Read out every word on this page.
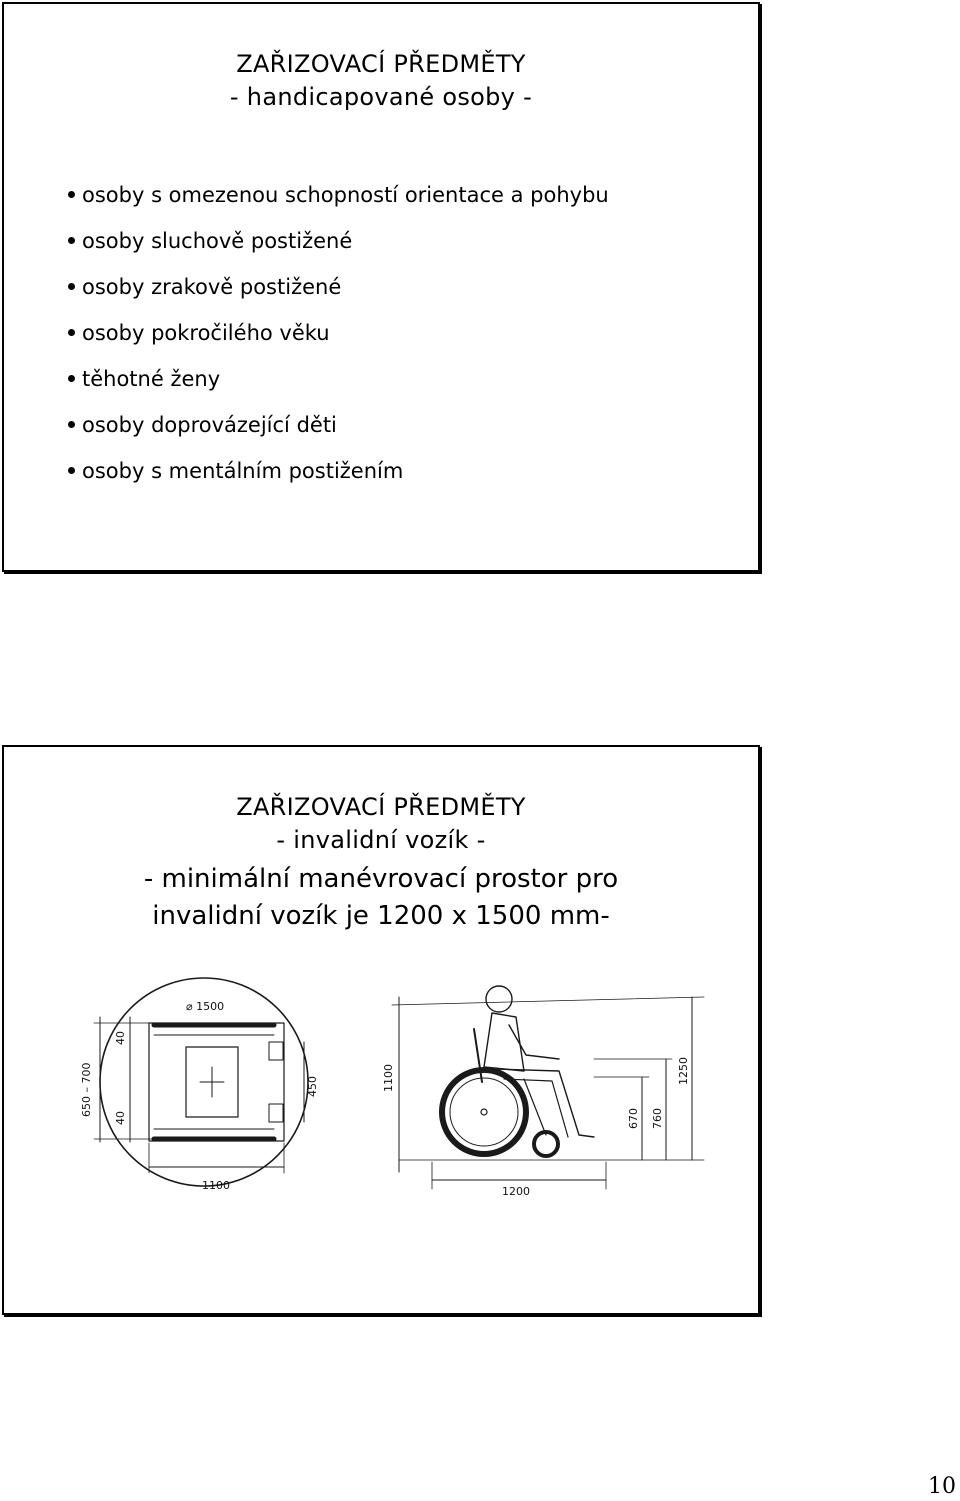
ZAŘIZOVACÍ PŘEDMĚTY
- handicapované osoby -
osoby s omezenou schopností orientace a pohybu
osoby sluchově postižené
osoby zrakově postižené
osoby pokročilého věku
těhotné ženy
osoby doprovázející děti
osoby s mentálním postižením
ZAŘIZOVACÍ PŘEDMĚTY
- invalidní vozík -
- minimální manévrovací prostor pro
invalidní vozík je 1200 x 1500 mm-
⌀ 1500
1100
650 – 700
40
40
450	1100
1200
670 760
1250
10
